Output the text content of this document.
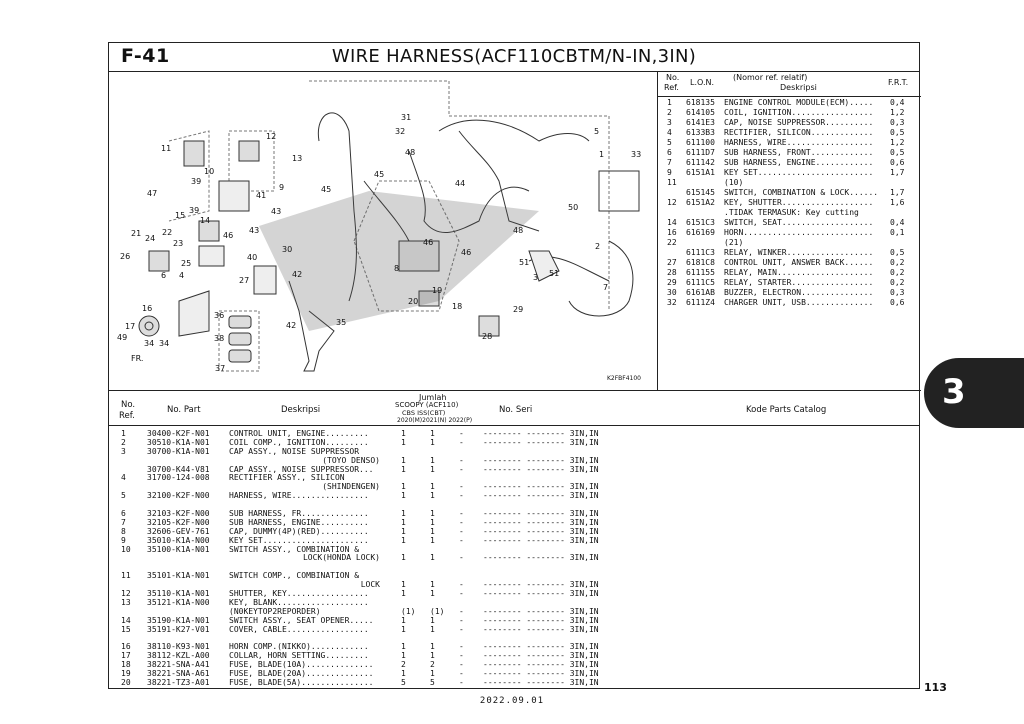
F-41	WIRE HARNESS(ACF110CBTM/N-IN,3IN)
31
32
48
5
1	33
12
11
13
10
39
9
47	41
45
45
44
50
39
15
14
43
21	22
24
23
46
43
30
26
25
40
48
46
46
2
6 4
27
42
8
51
3 51
7
19
20
18	29
16
36
17
49
34 34
42	35
38	28
37
FR.
K2FBF4100
No.
Ref.
L.O.N.
(Nomor ref. relatif)
Deskripsi
F.R.T.
1 618135 ENGINE CONTROL MODULE(ECM)..... 0,4
2 614105 COIL, IGNITION................. 1,2
3 6141E3 CAP, NOISE SUPPRESSOR.......... 0,3
4 6133B3 RECTIFIER, SILICON............. 0,5
5 611100 HARNESS, WIRE.................. 1,2
6 6111D7 SUB HARNESS, FRONT............. 0,5
7 611142 SUB HARNESS, ENGINE............ 0,6
9 6151A1 KEY SET........................ 1,7
11	(10)
615145 SWITCH, COMBINATION & LOCK...... 1,7
12 6151A2 KEY, SHUTTER................... 1,6
.TIDAK TERMASUK: Key cutting
14 6151C3 SWITCH, SEAT................... 0,4
16 616169 HORN........................... 0,1
22	(21)
6111C3 RELAY, WINKER.................. 0,5
27 6181C8 CONTROL UNIT, ANSWER BACK...... 0,2
28 611155 RELAY, MAIN.................... 0,2
29 6111C5 RELAY, STARTER................. 0,2
30 6161AB BUZZER, ELECTRON............... 0,3
32 6111Z4 CHARGER UNIT, USB.............. 0,6
No.
Ref.
No. Part	Deskripsi
Jumlah
SCOOPY (ACF110)
CBS ISS(CBT)
2020(M)2021(N) 2022(P)
No. Seri	Kode Parts Catalog
1	30400-K2F-N01 CONTROL UNIT, ENGINE.........	1	1	- -------- -------- 3IN,IN
2	30510-K1A-N01 COIL COMP., IGNITION.........	1	1	- -------- -------- 3IN,IN
3	30700-K1A-N01 CAP ASSY., NOISE SUPPRESSOR
(TOYO DENSO)	1	1	- -------- -------- 3IN,IN
30700-K44-V81 CAP ASSY., NOISE SUPPRESSOR...	1	1	- -------- -------- 3IN,IN
4	31700-124-008 RECTIFIER ASSY., SILICON
(SHINDENGEN)	1	1	- -------- -------- 3IN,IN
5	32100-K2F-N00 HARNESS, WIRE................	1	1	- -------- -------- 3IN,IN
6	32103-K2F-N00 SUB HARNESS, FR..............	1	1	- -------- -------- 3IN,IN
7	32105-K2F-N00 SUB HARNESS, ENGINE..........	1	1	- -------- -------- 3IN,IN
8	32606-GEV-761 CAP, DUMMY(4P)(RED)..........	1	1	- -------- -------- 3IN,IN
9	35010-K1A-N00 KEY SET......................	1	1	- -------- -------- 3IN,IN
10 35100-K1A-N01 SWITCH ASSY., COMBINATION &
LOCK(HONDA LOCK)	1	1	- -------- -------- 3IN,IN
11 35101-K1A-N01 SWITCH COMP., COMBINATION &
LOCK	1	1	- -------- -------- 3IN,IN
12 35110-K1A-N01 SHUTTER, KEY.................	1	1	- -------- -------- 3IN,IN
13 35121-K1A-N00 KEY, BLANK...................
(N0KEYTOP2REPORDER)	(1) (1) - -------- -------- 3IN,IN
14 35190-K1A-N01 SWITCH ASSY., SEAT OPENER.....	1	1	- -------- -------- 3IN,IN
15 35191-K27-V01 COVER, CABLE.................	1	1	- -------- -------- 3IN,IN
16 38110-K93-N01 HORN COMP.(NIKKO)............	1	1	- -------- -------- 3IN,IN
17 38112-KZL-A00 COLLAR, HORN SETTING.........	1	1	- -------- -------- 3IN,IN
18 38221-SNA-A41 FUSE, BLADE(10A)..............	2	2	- -------- -------- 3IN,IN
19 38221-SNA-A61 FUSE, BLADE(20A)..............	1	1	- -------- -------- 3IN,IN
20 38221-TZ3-A01 FUSE, BLADE(5A)...............	5	5	- -------- -------- 3IN,IN
3
113
2022.09.01
